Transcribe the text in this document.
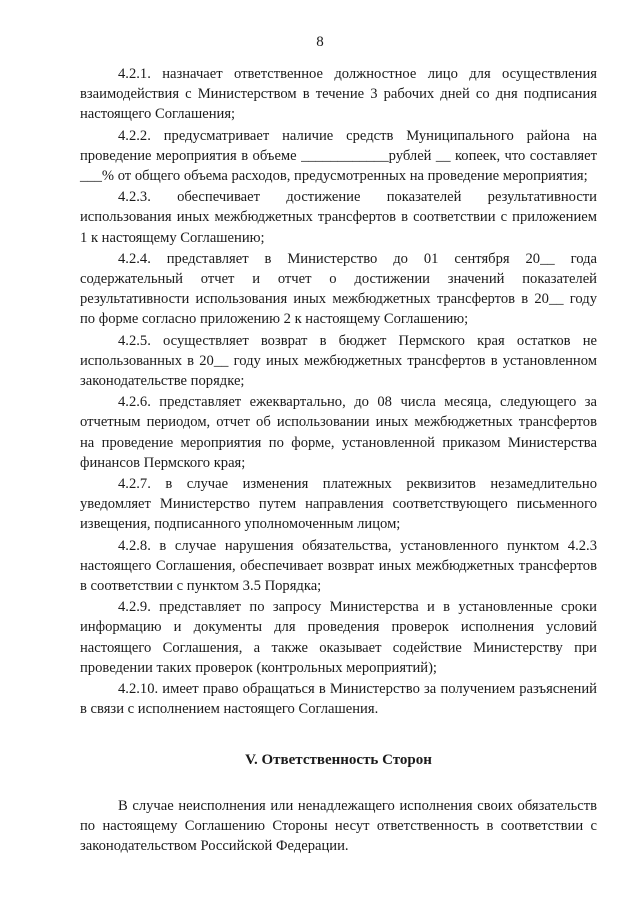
8

4.2.1. назначает ответственное должностное лицо для осуществления взаимодействия с Министерством в течение 3 рабочих дней со дня подписания настоящего Соглашения;

4.2.2. предусматривает наличие средств Муниципального района на проведение мероприятия в объеме ____________рублей __ копеек, что составляет ___% от общего объема расходов, предусмотренных на проведение мероприятия;

4.2.3. обеспечивает достижение показателей результативности использования иных межбюджетных трансфертов в соответствии с приложением 1 к настоящему Соглашению;

4.2.4. представляет в Министерство до 01 сентября 20__ года содержательный отчет и отчет о достижении значений показателей результативности использования иных межбюджетных трансфертов в 20__ году по форме согласно приложению 2 к настоящему Соглашению;

4.2.5. осуществляет возврат в бюджет Пермского края остатков не использованных в 20__ году иных межбюджетных трансфертов в установленном законодательстве порядке;

4.2.6. представляет ежеквартально, до 08 числа месяца, следующего за отчетным периодом, отчет об использовании иных межбюджетных трансфертов на проведение мероприятия по форме, установленной приказом Министерства финансов Пермского края;

4.2.7. в случае изменения платежных реквизитов незамедлительно уведомляет Министерство путем направления соответствующего письменного извещения, подписанного уполномоченным лицом;

4.2.8. в случае нарушения обязательства, установленного пунктом 4.2.3 настоящего Соглашения, обеспечивает возврат иных межбюджетных трансфертов в соответствии с пунктом 3.5 Порядка;

4.2.9. представляет по запросу Министерства и в установленные сроки информацию и документы для проведения проверок исполнения условий настоящего Соглашения, а также оказывает содействие Министерству при проведении таких проверок (контрольных мероприятий);

4.2.10. имеет право обращаться в Министерство за получением разъяснений в связи с исполнением настоящего Соглашения.

V. Ответственность Сторон

В случае неисполнения или ненадлежащего исполнения своих обязательств по настоящему Соглашению Стороны несут ответственность в соответствии с законодательством Российской Федерации.
